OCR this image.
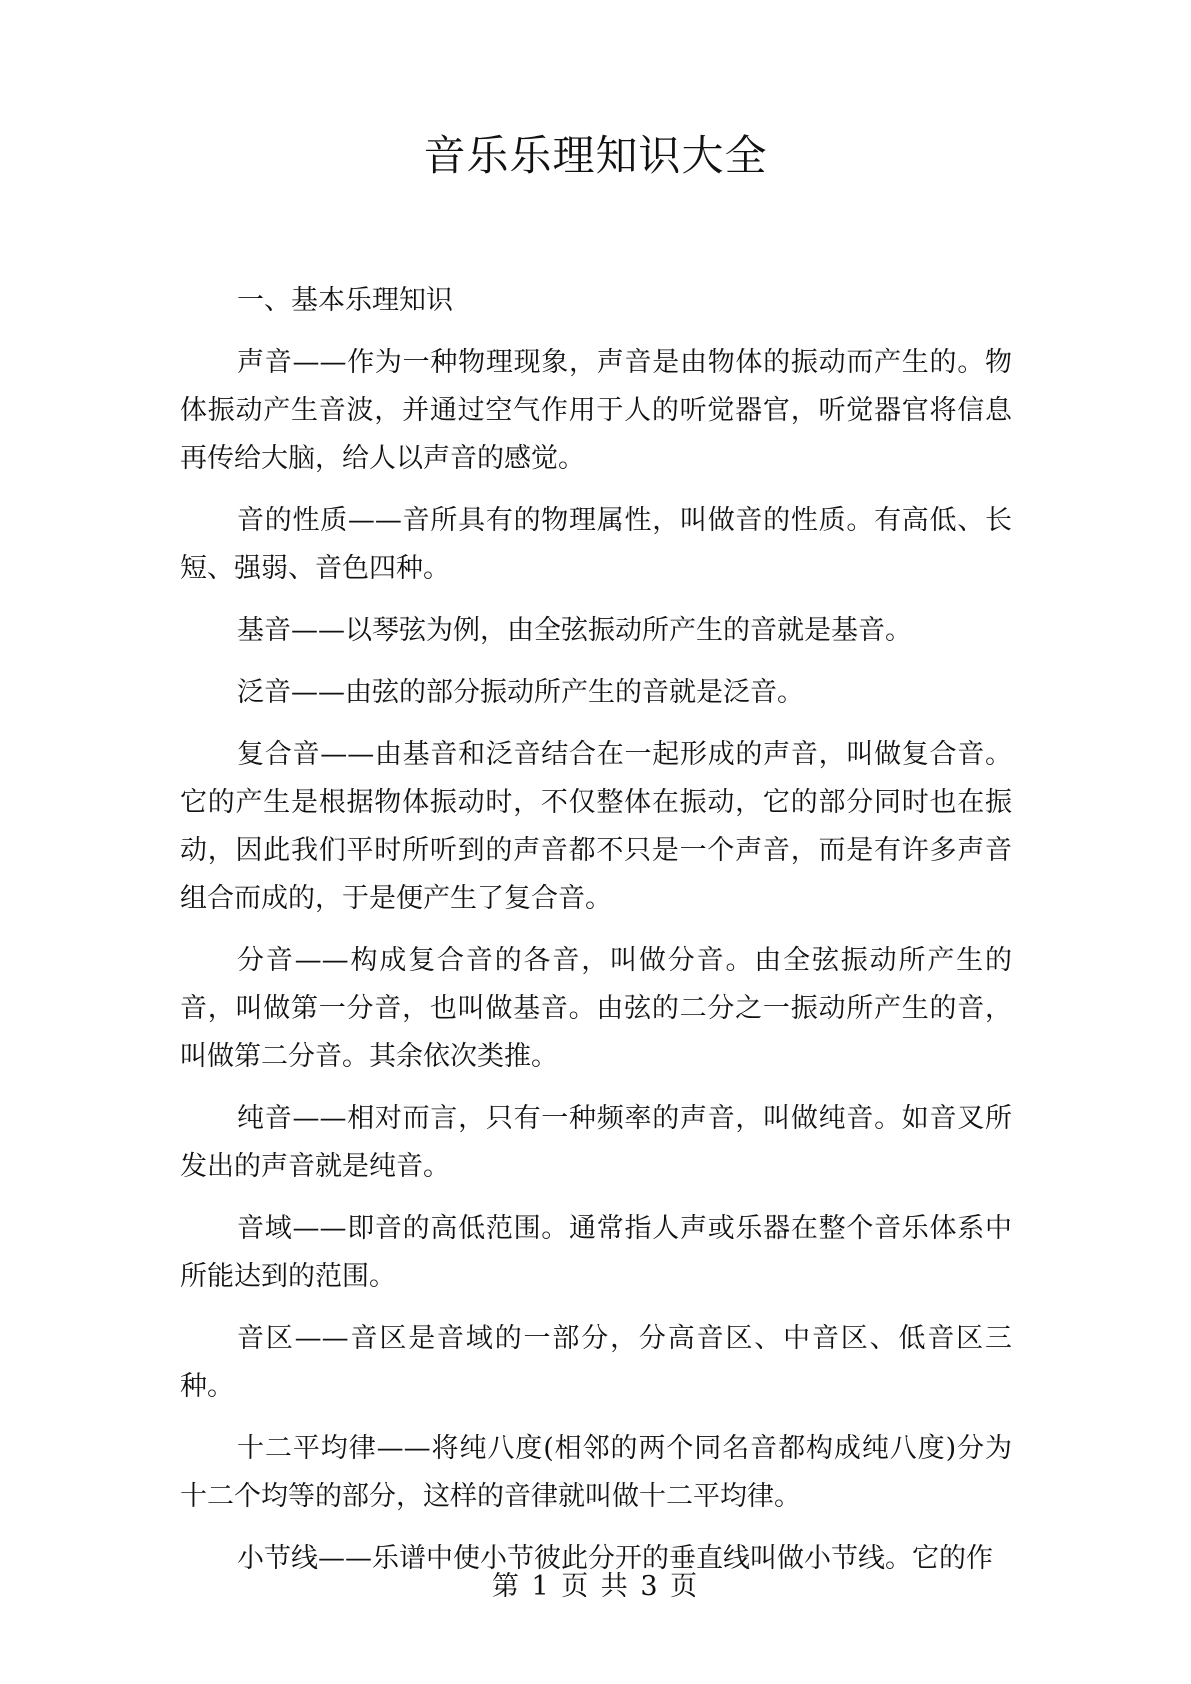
音乐乐理知识大全

一、基本乐理知识

声音——作为一种物理现象，声音是由物体的振动而产生的。物体振动产生音波，并通过空气作用于人的听觉器官，听觉器官将信息再传给大脑，给人以声音的感觉。

音的性质——音所具有的物理属性，叫做音的性质。有高低、长短、强弱、音色四种。

基音——以琴弦为例，由全弦振动所产生的音就是基音。

泛音——由弦的部分振动所产生的音就是泛音。

复合音——由基音和泛音结合在一起形成的声音，叫做复合音。它的产生是根据物体振动时，不仅整体在振动，它的部分同时也在振动，因此我们平时所听到的声音都不只是一个声音，而是有许多声音组合而成的，于是便产生了复合音。

分音——构成复合音的各音，叫做分音。由全弦振动所产生的音，叫做第一分音，也叫做基音。由弦的二分之一振动所产生的音，叫做第二分音。其余依次类推。

纯音——相对而言，只有一种频率的声音，叫做纯音。如音叉所发出的声音就是纯音。

音域——即音的高低范围。通常指人声或乐器在整个音乐体系中所能达到的范围。

音区——音区是音域的一部分，分高音区、中音区、低音区三种。

十二平均律——将纯八度(相邻的两个同名音都构成纯八度)分为十二个均等的部分，这样的音律就叫做十二平均律。

小节线——乐谱中使小节彼此分开的垂直线叫做小节线。它的作

第 1 页 共 3 页
